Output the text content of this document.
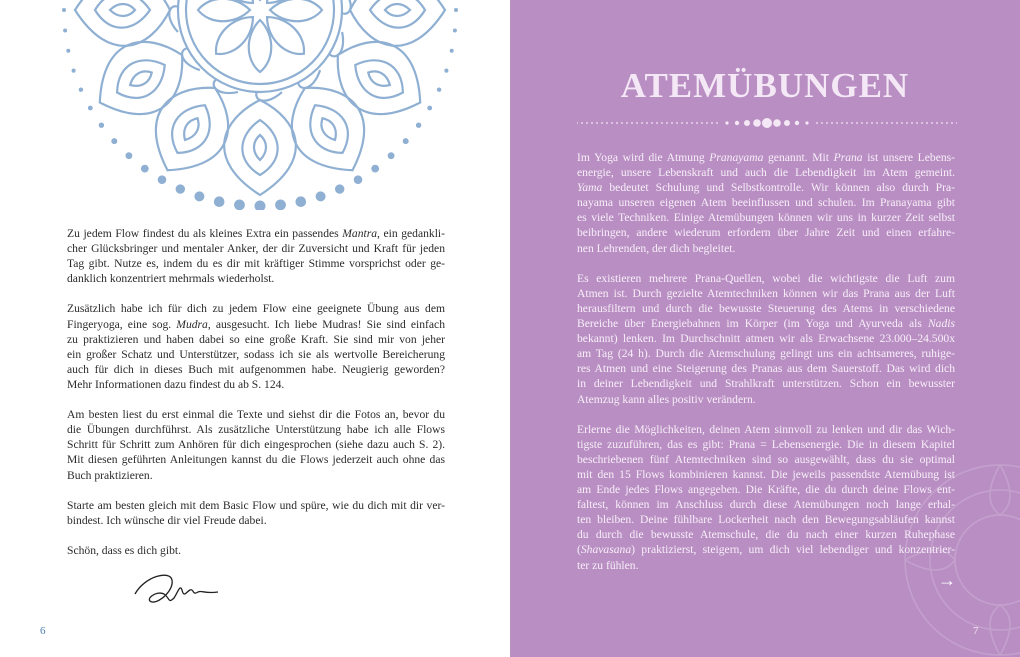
Zu jedem Flow findest du als kleines Extra ein passendes Mantra, ein gedankli-
cher Glücksbringer und mentaler Anker, der dir Zuversicht und Kraft für jeden
Tag gibt. Nutze es, indem du es dir mit kräftiger Stimme vorsprichst oder ge-
danklich konzentriert mehrmals wiederholst.
Zusätzlich habe ich für dich zu jedem Flow eine geeignete Übung aus dem
Fingeryoga, eine sog. Mudra, ausgesucht. Ich liebe Mudras! Sie sind einfach
zu praktizieren und haben dabei so eine große Kraft. Sie sind mir von jeher
ein großer Schatz und Unterstützer, sodass ich sie als wertvolle Bereicherung
auch für dich in dieses Buch mit aufgenommen habe. Neugierig geworden?
Mehr Informationen dazu findest du ab S. 124.
Am besten liest du erst einmal die Texte und siehst dir die Fotos an, bevor du
die Übungen durchführst. Als zusätzliche Unterstützung habe ich alle Flows
Schritt für Schritt zum Anhören für dich eingesprochen (siehe dazu auch S. 2).
Mit diesen geführten Anleitungen kannst du die Flows jederzeit auch ohne das
Buch praktizieren.
Starte am besten gleich mit dem Basic Flow und spüre, wie du dich mit dir ver-
bindest. Ich wünsche dir viel Freude dabei.
Schön, dass es dich gibt.
6
ATEMÜBUNGEN
Im Yoga wird die Atmung Pranayama genannt. Mit Prana ist unsere Lebens-
energie, unsere Lebenskraft und auch die Lebendigkeit im Atem gemeint.
Yama bedeutet Schulung und Selbstkontrolle. Wir können also durch Pra-
nayama unseren eigenen Atem beeinflussen und schulen. Im Pranayama gibt
es viele Techniken. Einige Atemübungen können wir uns in kurzer Zeit selbst
beibringen, andere wiederum erfordern über Jahre Zeit und einen erfahre-
nen Lehrenden, der dich begleitet.
Es existieren mehrere Prana-Quellen, wobei die wichtigste die Luft zum
Atmen ist. Durch gezielte Atemtechniken können wir das Prana aus der Luft
herausfiltern und durch die bewusste Steuerung des Atems in verschiedene
Bereiche über Energiebahnen im Körper (im Yoga und Ayurveda als Nadis
bekannt) lenken. Im Durchschnitt atmen wir als Erwachsene 23.000–24.500x
am Tag (24 h). Durch die Atemschulung gelingt uns ein achtsameres, ruhige-
res Atmen und eine Steigerung des Pranas aus dem Sauerstoff. Das wird dich
in deiner Lebendigkeit und Strahlkraft unterstützen. Schon ein bewusster
Atemzug kann alles positiv verändern.
Erlerne die Möglichkeiten, deinen Atem sinnvoll zu lenken und dir das Wich-
tigste zuzuführen, das es gibt: Prana = Lebensenergie. Die in diesem Kapitel
beschriebenen fünf Atemtechniken sind so ausgewählt, dass du sie optimal
mit den 15 Flows kombinieren kannst. Die jeweils passendste Atemübung ist
am Ende jedes Flows angegeben. Die Kräfte, die du durch deine Flows ent-
faltest, können im Anschluss durch diese Atemübungen noch lange erhal-
ten bleiben. Deine fühlbare Lockerheit nach den Bewegungsabläufen kannst
du durch die bewusste Atemschule, die du nach einer kurzen Ruhephase
(Shavasana) praktizierst, steigern, um dich viel lebendiger und konzentrier-
ter zu fühlen.
→
7
